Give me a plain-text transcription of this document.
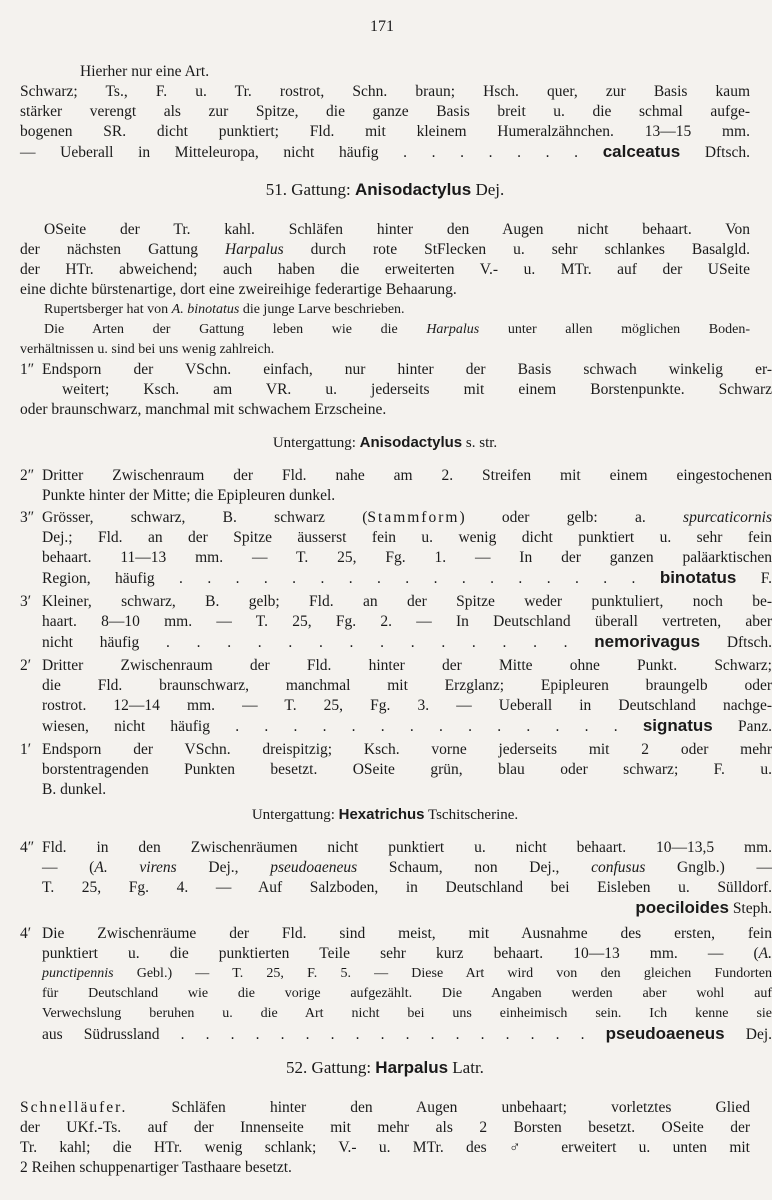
171
Hierher nur eine Art.
Schwarz; Ts., F. u. Tr. rostrot, Schn. braun; Hsch. quer, zur Basis kaum
stärker verengt als zur Spitze, die ganze Basis breit u. die schmal aufge-
bogenen SR. dicht punktiert; Fld. mit kleinem Humeralzähnchen. 13—15 mm.
— Ueberall in Mitteleuropa, nicht häufig . . . . . . . calceatus Dftsch.
51. Gattung: Anisodactylus Dej.
OSeite der Tr. kahl. Schläfen hinter den Augen nicht behaart. Von
der nächsten Gattung Harpalus durch rote StFlecken u. sehr schlankes Basalgld.
der HTr. abweichend; auch haben die erweiterten V.- u. MTr. auf der USeite
eine dichte bürstenartige, dort eine zweireihige federartige Behaarung.
Rupertsberger hat von A. binotatus die junge Larve beschrieben.
Die Arten der Gattung leben wie die Harpalus unter allen möglichen Boden-
verhältnissen u. sind bei uns wenig zahlreich.
1″ Endsporn der VSchn. einfach, nur hinter der Basis schwach winkelig er-
weitert; Ksch. am VR. u. jederseits mit einem Borstenpunkte. Schwarz
oder braunschwarz, manchmal mit schwachem Erzscheine.
Untergattung: Anisodactylus s. str.
2″ Dritter Zwischenraum der Fld. nahe am 2. Streifen mit einem eingestochenen
Punkte hinter der Mitte; die Epipleuren dunkel.
3″ Grösser, schwarz, B. schwarz (Stammform) oder gelb: a. spurcaticornis
Dej.; Fld. an der Spitze äusserst fein u. wenig dicht punktiert u. sehr fein
behaart. 11—13 mm. — T. 25, Fg. 1. — In der ganzen paläarktischen
Region, häufig . . . . . . . . . . . . . . . . . binotatus F.
3′ Kleiner, schwarz, B. gelb; Fld. an der Spitze weder punktuliert, noch be-
haart. 8—10 mm. — T. 25, Fg. 2. — In Deutschland überall vertreten, aber
nicht häufig . . . . . . . . . . . . . . nemorivagus Dftsch.
2′ Dritter Zwischenraum der Fld. hinter der Mitte ohne Punkt. Schwarz;
die Fld. braunschwarz, manchmal mit Erzglanz; Epipleuren braungelb oder
rostrot. 12—14 mm. — T. 25, Fg. 3. — Ueberall in Deutschland nachge-
wiesen, nicht häufig . . . . . . . . . . . . . . signatus Panz.
1′ Endsporn der VSchn. dreispitzig; Ksch. vorne jederseits mit 2 oder mehr
borstentragenden Punkten besetzt. OSeite grün, blau oder schwarz; F. u.
B. dunkel.
Untergattung: Hexatrichus Tschitscherine.
4″ Fld. in den Zwischenräumen nicht punktiert u. nicht behaart. 10—13,5 mm.
— (A. virens Dej., pseudoaeneus Schaum, non Dej., confusus Gnglb.) —
T. 25, Fg. 4. — Auf Salzboden, in Deutschland bei Eisleben u. Sülldorf.
poeciloides Steph.
4′ Die Zwischenräume der Fld. sind meist, mit Ausnahme des ersten, fein
punktiert u. die punktierten Teile sehr kurz behaart. 10—13 mm. — (A.
punctipennis Gebl.) — T. 25, F. 5. — Diese Art wird von den gleichen Fundorten
für Deutschland wie die vorige aufgezählt. Die Angaben werden aber wohl auf
Verwechslung beruhen u. die Art nicht bei uns einheimisch sein. Ich kenne sie
aus Südrussland . . . . . . . . . . . . . . . . . pseudoaeneus Dej.
52. Gattung: Harpalus Latr.
Schnelläufer.	Schläfen hinter den Augen unbehaart; vorletztes Glied
der UKf.-Ts. auf der Innenseite mit mehr als 2 Borsten besetzt. OSeite der
Tr. kahl; die HTr. wenig schlank; V.- u. MTr. des ♂ erweitert u. unten mit
2 Reihen schuppenartiger Tasthaare besetzt.
